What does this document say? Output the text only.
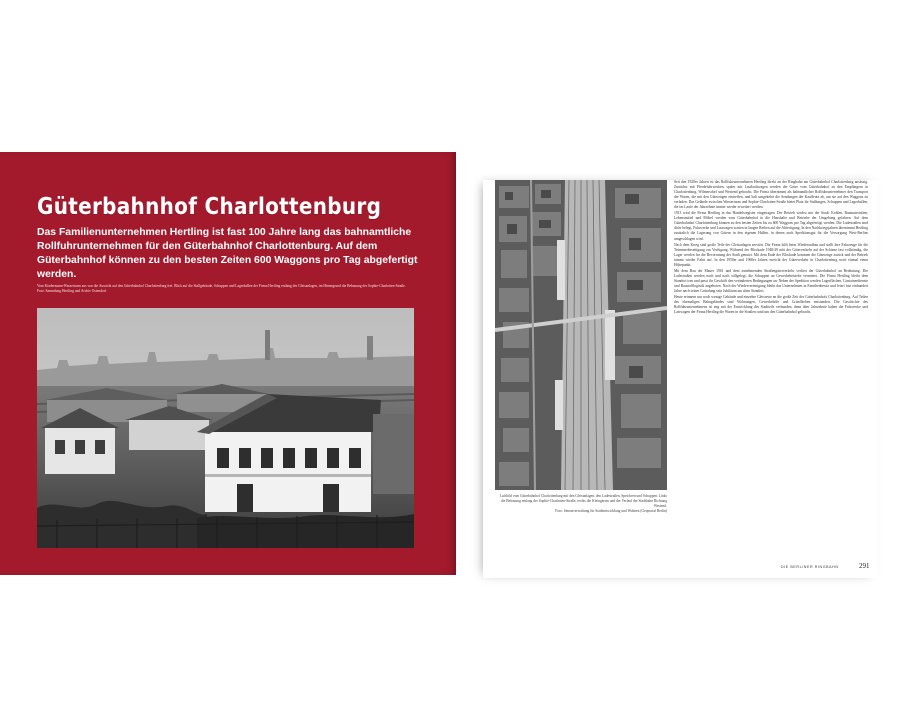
Güterbahnhof Charlottenburg

Das Familienunternehmen Hertling ist fast 100 Jahre lang das bahnamtliche Rollfuhrunternehmen für den Güterbahnhof Charlottenburg. Auf dem Güterbahnhof können zu den besten Zeiten 600 Waggons pro Tag abgefertigt werden.

Vom Kindermann-Wasserturm aus war die Aussicht auf den Güterbahnhof Charlottenburg frei. Blick auf die Stallgebäude, Schuppen und Lagerhallen der Firma Hertling entlang der Gleisanlagen, im Hintergrund die Bebauung der Sophie-Charlotten-Straße.
Foto: Sammlung Hertling und Archiv Ostendorf

Luftbild vom Güterbahnhof Charlottenburg mit den Gleisanlagen, den Ladestraßen, Speichern und Schuppen. Links die Bebauung entlang der Sophie-Charlotten-Straße, rechts die Kleingärten und der Verlauf der Stadtbahn Richtung Westend.
Foto: Senatsverwaltung für Stadtentwicklung und Wohnen (Geoportal Berlin)

Seit den 1920er Jahren ist das Rollfuhrunternehmen Hertling direkt an der Ringbahn am Güterbahnhof Charlottenburg ansässig. Zunächst mit Pferdefuhrwerken, später mit Lastkraftwagen werden die Güter vom Güterbahnhof zu den Empfängern in Charlottenburg, Wilmersdorf und Westend gebracht. Die Firma übernimmt als bahnamtlicher Rollfuhrunternehmer den Transport der Waren, die mit den Güterzügen eintreffen, und holt umgekehrt die Sendungen der Kaufleute ab, um sie auf den Waggons zu verladen. Das Gelände zwischen Wasserturm und Sophie-Charlotten-Straße bietet Platz für Stallungen, Schuppen und Lagerhallen, die im Laufe der Jahrzehnte immer wieder erweitert werden.

1913 wird die Firma Hertling in das Handelsregister eingetragen. Der Betrieb wächst mit der Stadt: Kohlen, Baumaterialien, Lebensmittel und Möbel werden vom Güterbahnhof in die Haushalte und Betriebe der Umgebung gefahren. Auf dem Güterbahnhof Charlottenburg können zu den besten Zeiten bis zu 600 Waggons pro Tag abgefertigt werden. Die Ladestraßen sind dicht belegt, Fuhrwerke und Lastwagen warten in langen Reihen auf die Abfertigung. In den Nachkriegsjahren übernimmt Hertling zusätzlich die Lagerung von Gütern in den eigenen Hallen, in denen auch Speditionsgut für die Versorgung West-Berlins umgeschlagen wird.

Nach dem Krieg sind große Teile der Gleisanlagen zerstört. Die Firma hilft beim Wiederaufbau und stellt ihre Fahrzeuge für die Trümmerbeseitigung zur Verfügung. Während der Blockade 1948/49 ruht der Güterverkehr auf der Schiene fast vollständig, die Lager werden für die Bevorratung der Stadt genutzt. Mit dem Ende der Blockade kommen die Güterzüge zurück und der Betrieb nimmt wieder Fahrt auf. In den 1950er und 1960er Jahren erreicht der Güterverkehr in Charlottenburg noch einmal einen Höhepunkt.

Mit dem Bau der Mauer 1961 und dem zunehmenden Straßengüterverkehr verliert der Güterbahnhof an Bedeutung. Die Ladestraßen werden nach und nach stillgelegt, die Schuppen an Gewerbebetriebe vermietet. Die Firma Hertling bleibt dem Standort treu und passt ihr Geschäft den veränderten Bedingungen an: Neben der Spedition werden Lagerflächen, Containerdienste und Baustofflogistik angeboten. Nach der Wiedervereinigung bleibt das Unternehmen in Familienbesitz und feiert fast einhundert Jahre nach seiner Gründung sein Jubiläum am alten Standort.

Heute erinnern nur noch wenige Gebäude und einzelne Gleisreste an die große Zeit des Güterbahnhofs Charlottenburg. Auf Teilen des ehemaligen Bahngeländes sind Wohnungen, Gewerbehöfe und Grünflächen entstanden. Die Geschichte des Rollfuhrunternehmens ist eng mit der Entwicklung des Stadtteils verbunden, denn über Jahrzehnte haben die Fuhrwerke und Lastwagen der Firma Hertling die Waren in die Straßen rund um den Güterbahnhof gebracht.

DIE BERLINER RINGBAHN	291
